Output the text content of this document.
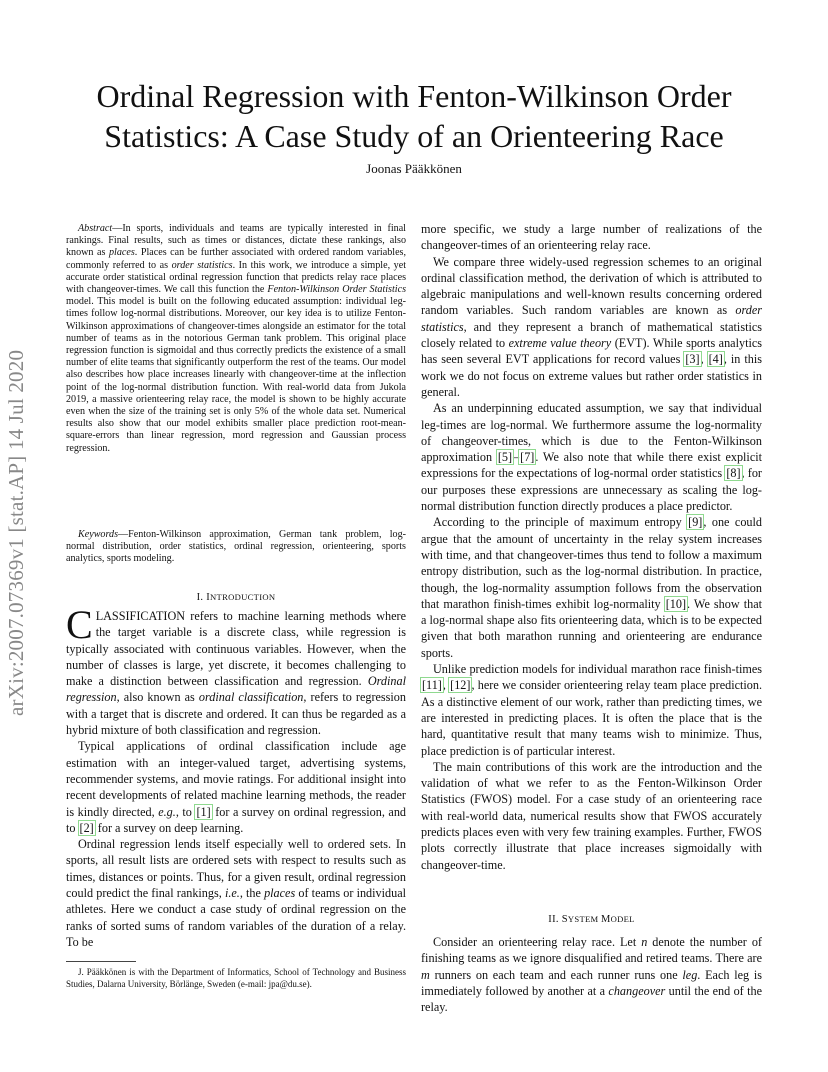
arXiv:2007.07369v1 [stat.AP] 14 Jul 2020
Ordinal Regression with Fenton-Wilkinson Order
Statistics: A Case Study of an Orienteering Race
Joonas Pääkkönen

Abstract—In sports, individuals and teams are typically interested in final rankings. Final results, such as times or distances, dictate these rankings, also known as places. Places can be further associated with ordered random variables, commonly referred to as order statistics. In this work, we introduce a simple, yet accurate order statistical ordinal regression function that predicts relay race places with changeover-times. We call this function the Fenton-Wilkinson Order Statistics model. This model is built on the following educated assumption: individual leg-times follow log-normal distributions. Moreover, our key idea is to utilize Fenton-Wilkinson approximations of changeover-times alongside an estimator for the total number of teams as in the notorious German tank problem. This original place regression function is sigmoidal and thus correctly predicts the existence of a small number of elite teams that significantly outperform the rest of the teams. Our model also describes how place increases linearly with changeover-time at the inflection point of the log-normal distribution function. With real-world data from Jukola 2019, a massive orienteering relay race, the model is shown to be highly accurate even when the size of the training set is only 5% of the whole data set. Numerical results also show that our model exhibits smaller place prediction root-mean-square-errors than linear regression, mord regression and Gaussian process regression.

Keywords—Fenton-Wilkinson approximation, German tank problem, log-normal distribution, order statistics, ordinal regression, orienteering, sports analytics, sports modeling.

I. INTRODUCTION

CLASSIFICATION refers to machine learning methods where the target variable is a discrete class, while regression is typically associated with continuous variables. However, when the number of classes is large, yet discrete, it becomes challenging to make a distinction between classification and regression. Ordinal regression, also known as ordinal classification, refers to regression with a target that is discrete and ordered. It can thus be regarded as a hybrid mixture of both classification and regression.

Typical applications of ordinal classification include age estimation with an integer-valued target, advertising systems, recommender systems, and movie ratings. For additional insight into recent developments of related machine learning methods, the reader is kindly directed, e.g., to [1] for a survey on ordinal regression, and to [2] for a survey on deep learning.

Ordinal regression lends itself especially well to ordered sets. In sports, all result lists are ordered sets with respect to results such as times, distances or points. Thus, for a given result, ordinal regression could predict the final rankings, i.e., the places of teams or individual athletes. Here we conduct a case study of ordinal regression on the ranks of sorted sums of random variables of the duration of a relay. To be

J. Pääkkönen is with the Department of Informatics, School of Technology and Business Studies, Dalarna University, Börlänge, Sweden (e-mail: jpa@du.se).

more specific, we study a large number of realizations of the changeover-times of an orienteering relay race.

We compare three widely-used regression schemes to an original ordinal classification method, the derivation of which is attributed to algebraic manipulations and well-known results concerning ordered random variables. Such random variables are known as order statistics, and they represent a branch of mathematical statistics closely related to extreme value theory (EVT). While sports analytics has seen several EVT applications for record values [3], [4], in this work we do not focus on extreme values but rather order statistics in general.

As an underpinning educated assumption, we say that individual leg-times are log-normal. We furthermore assume the log-normality of changeover-times, which is due to the Fenton-Wilkinson approximation [5]–[7]. We also note that while there exist explicit expressions for the expectations of log-normal order statistics [8], for our purposes these expressions are unnecessary as scaling the log-normal distribution function directly produces a place predictor.

According to the principle of maximum entropy [9], one could argue that the amount of uncertainty in the relay system increases with time, and that changeover-times thus tend to follow a maximum entropy distribution, such as the log-normal distribution. In practice, though, the log-normality assumption follows from the observation that marathon finish-times exhibit log-normality [10]. We show that a log-normal shape also fits orienteering data, which is to be expected given that both marathon running and orienteering are endurance sports.

Unlike prediction models for individual marathon race finish-times [11], [12], here we consider orienteering relay team place prediction. As a distinctive element of our work, rather than predicting times, we are interested in predicting places. It is often the place that is the hard, quantitative result that many teams wish to minimize. Thus, place prediction is of particular interest.

The main contributions of this work are the introduction and the validation of what we refer to as the Fenton-Wilkinson Order Statistics (FWOS) model. For a case study of an orienteering race with real-world data, numerical results show that FWOS accurately predicts places even with very few training examples. Further, FWOS plots correctly illustrate that place increases sigmoidally with changeover-time.

II. SYSTEM MODEL

Consider an orienteering relay race. Let n denote the number of finishing teams as we ignore disqualified and retired teams. There are m runners on each team and each runner runs one leg. Each leg is immediately followed by another at a changeover until the end of the relay.
